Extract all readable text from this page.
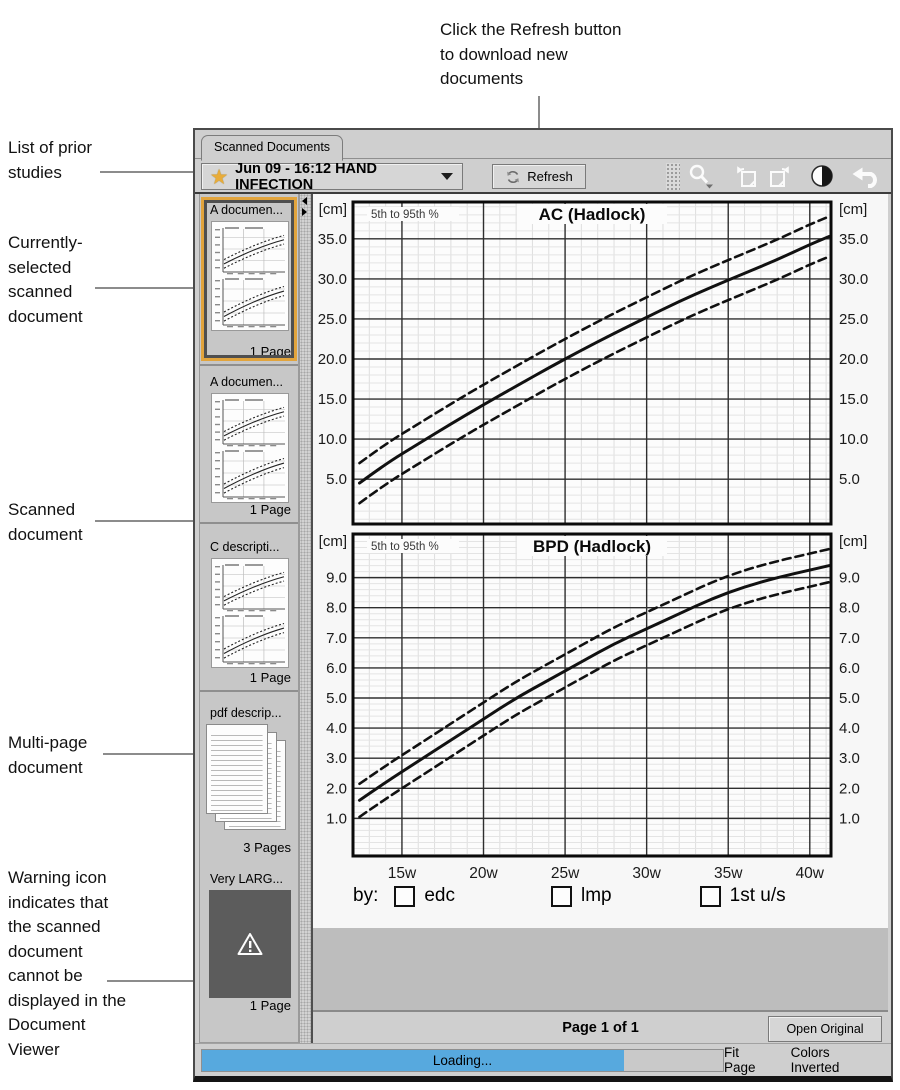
Click the Refresh button to download new documents
List of prior studies
Currently-selected scanned document
Scanned document
Multi-page document
Warning icon indicates that the scanned document cannot be displayed in the Document Viewer
Scanned Documents
★ Jun 09 - 16:12 HAND INFECTION	Refresh
A documen...
1 Page
A documen...
1 Page
C descripti...
1 Page
pdf descrip...
3 Pages
Very LARG...
1 Page
AC (Hadlock)
5th to 95th %
[cm]	[cm]
5.0	5.0
10.0	10.0
15.0	15.0
20.0	20.0
25.0	25.0
30.0	30.0
35.0	35.0
BPD (Hadlock)
5th to 95th %
[cm]	[cm]
1.0	1.0
2.0	2.0
3.0	3.0
4.0	4.0
5.0	5.0
6.0	6.0
7.0	7.0
8.0	8.0
9.0	9.0
15w	20w	25w	30w	35w	40w
by: edc	lmp	1st u/s
Page 1 of 1	Open Original
Loading...	Fit Page
Colors Inverted
